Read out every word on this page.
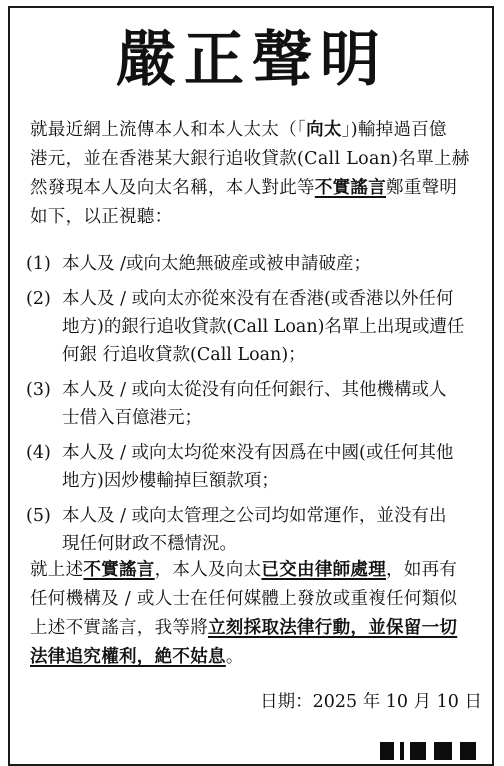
嚴正聲明

就最近網上流傳本人和本人太太（「向太」)輸掉過百億
港元，並在香港某大銀行追收貸款(Call Loan)名單上赫
然發現本人及向太名稱，本人對此等不實謠言鄭重聲明
如下，以正視聽：

(1) 本人及 /或向太絶無破産或被申請破産；
(2) 本人及 / 或向太亦從來没有在香港(或香港以外任何
地方)的銀行追收貸款(Call Loan)名單上出現或遭任
何銀 行追收貸款(Call Loan)；
(3) 本人及 / 或向太從没有向任何銀行、其他機構或人
士借入百億港元；
(4) 本人及 / 或向太均從來没有因爲在中國(或任何其他
地方)因炒樓輸掉巨額款項；
(5) 本人及 / 或向太管理之公司均如常運作，並没有出
現任何財政不穩情況。

就上述不實謠言，本人及向太已交由律師處理，如再有
任何機構及 / 或人士在任何媒體上發放或重複任何類似
上述不實謠言，我等將立刻採取法律行動，並保留一切
法律追究權利，絶不姑息。

日期：2025 年 10 月 10 日
